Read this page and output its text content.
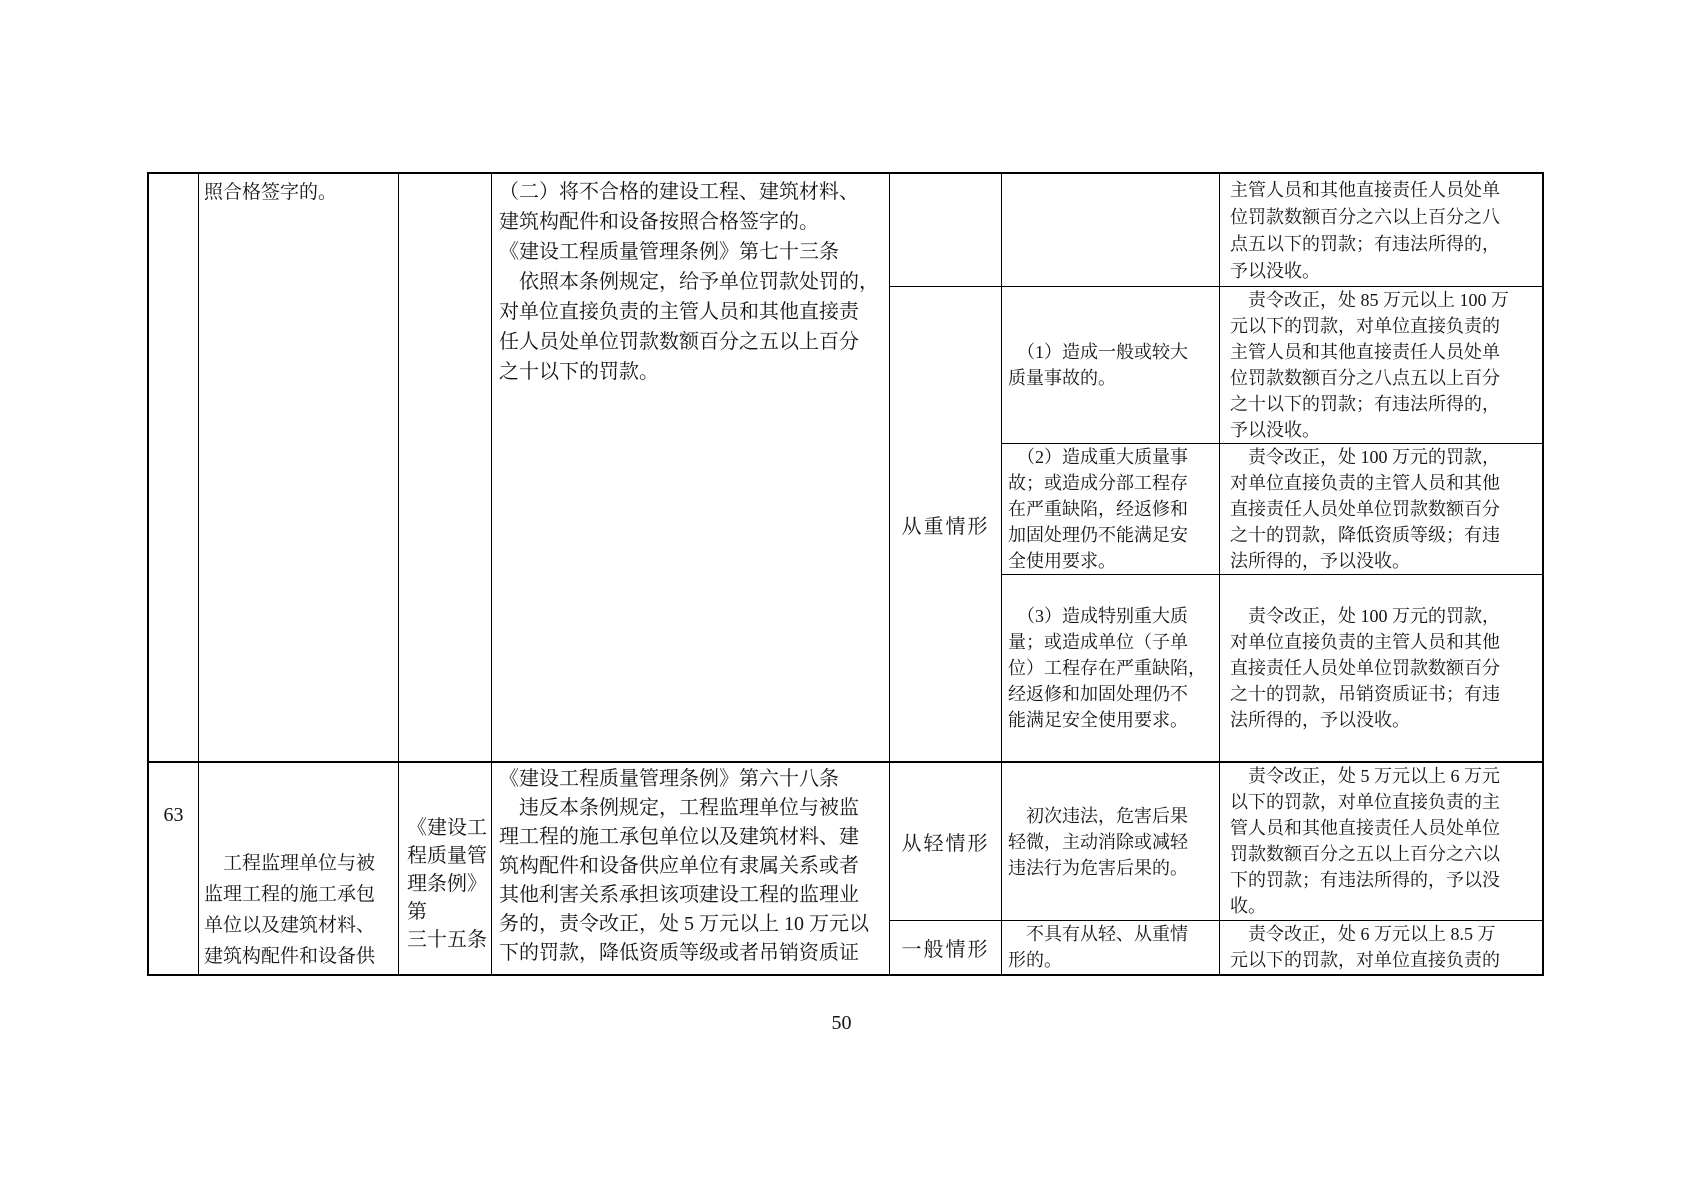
照合格签字的。	（二）将不合格的建设工程、建筑材料、
建筑构配件和设备按照合格签字的。
《建设工程质量管理条例》第七十三条
　依照本条例规定，给予单位罚款处罚的，
对单位直接负责的主管人员和其他直接责
任人员处单位罚款数额百分之五以上百分
之十以下的罚款。
主管人员和其他直接责任人员处单
位罚款数额百分之六以上百分之八
点五以下的罚款；有违法所得的，
予以没收。
从重情形
　（1）造成一般或较大
质量事故的。
　责令改正，处 85 万元以上 100 万
元以下的罚款，对单位直接负责的
主管人员和其他直接责任人员处单
位罚款数额百分之八点五以上百分
之十以下的罚款；有违法所得的，
予以没收。
　（2）造成重大质量事
故；或造成分部工程存
在严重缺陷，经返修和
加固处理仍不能满足安
全使用要求。
　责令改正，处 100 万元的罚款，
对单位直接负责的主管人员和其他
直接责任人员处单位罚款数额百分
之十的罚款，降低资质等级；有违
法所得的，予以没收。
　（3）造成特别重大质
量；或造成单位（子单
位）工程存在严重缺陷，
经返修和加固处理仍不
能满足安全使用要求。
　责令改正，处 100 万元的罚款，
对单位直接负责的主管人员和其他
直接责任人员处单位罚款数额百分
之十的罚款，吊销资质证书；有违
法所得的，予以没收。
63
　工程监理单位与被
监理工程的施工承包
单位以及建筑材料、
建筑构配件和设备供
《建设工
程质量管
理条例》第
三十五条
《建设工程质量管理条例》第六十八条
　违反本条例规定，工程监理单位与被监
理工程的施工承包单位以及建筑材料、建
筑构配件和设备供应单位有隶属关系或者
其他利害关系承担该项建设工程的监理业
务的，责令改正，处 5 万元以上 10 万元以
下的罚款，降低资质等级或者吊销资质证
从轻情形
　初次违法，危害后果
轻微，主动消除或减轻
违法行为危害后果的。
　责令改正，处 5 万元以上 6 万元
以下的罚款，对单位直接负责的主
管人员和其他直接责任人员处单位
罚款数额百分之五以上百分之六以
下的罚款；有违法所得的，予以没
收。
一般情形
　不具有从轻、从重情
形的。
　责令改正，处 6 万元以上 8.5 万
元以下的罚款，对单位直接负责的
50
